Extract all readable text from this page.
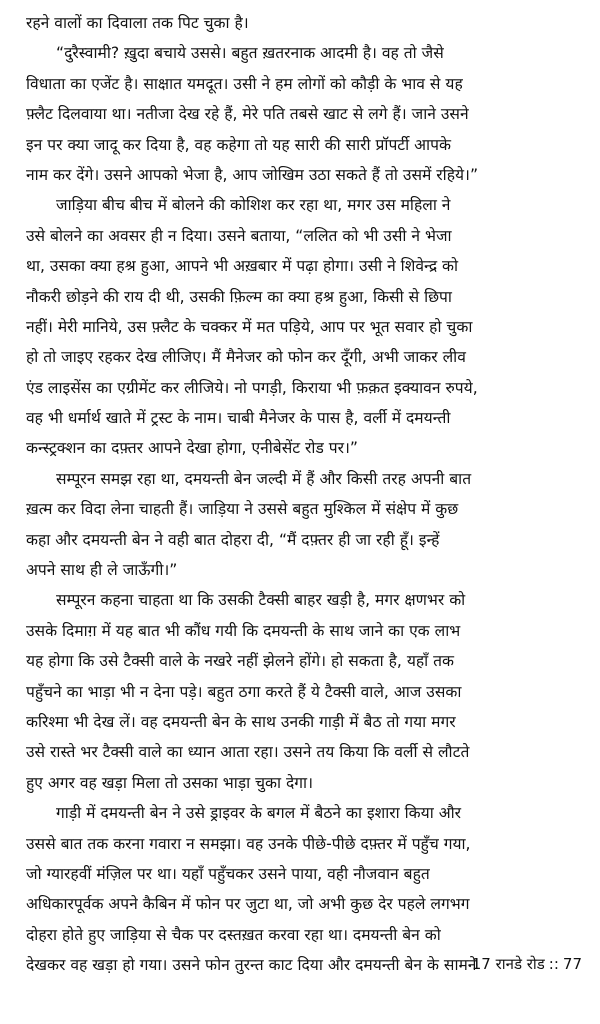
रहने वालों का दिवाला तक पिट चुका है।
“दुरैस्वामी? ख़ुदा बचाये उससे। बहुत ख़तरनाक आदमी है। वह तो जैसे
विधाता का एजेंट है। साक्षात यमदूत। उसी ने हम लोगों को कौड़ी के भाव से यह
फ़्लैट दिलवाया था। नतीजा देख रहे हैं, मेरे पति तबसे खाट से लगे हैं। जाने उसने
इन पर क्या जादू कर दिया है, वह कहेगा तो यह सारी की सारी प्रॉपर्टी आपके
नाम कर देंगे। उसने आपको भेजा है, आप जोखिम उठा सकते हैं तो उसमें रहिये।”
जाड़िया बीच बीच में बोलने की कोशिश कर रहा था, मगर उस महिला ने
उसे बोलने का अवसर ही न दिया। उसने बताया, “ललित को भी उसी ने भेजा
था, उसका क्या हश्र हुआ, आपने भी अख़बार में पढ़ा होगा। उसी ने शिवेन्द्र को
नौकरी छोड़ने की राय दी थी, उसकी फ़िल्म का क्या हश्र हुआ, किसी से छिपा
नहीं। मेरी मानिये, उस फ़्लैट के चक्कर में मत पड़िये, आप पर भूत सवार हो चुका
हो तो जाइए रहकर देख लीजिए। मैं मैनेजर को फोन कर दूँगी, अभी जाकर लीव
एंड लाइसेंस का एग्रीमेंट कर लीजिये। नो पगड़ी, किराया भी फ़क़त इक्यावन रुपये,
वह भी धर्मार्थ खाते में ट्रस्ट के नाम। चाबी मैनेजर के पास है, वर्ली में दमयन्ती
कन्स्ट्रक्शन का दफ़्तर आपने देखा होगा, एनीबेसेंट रोड पर।”
सम्पूरन समझ रहा था, दमयन्ती बेन जल्दी में हैं और किसी तरह अपनी बात
ख़त्म कर विदा लेना चाहती हैं। जाड़िया ने उससे बहुत मुश्किल में संक्षेप में कुछ
कहा और दमयन्ती बेन ने वही बात दोहरा दी, “मैं दफ़्तर ही जा रही हूँ। इन्हें
अपने साथ ही ले जाऊँगी।”
सम्पूरन कहना चाहता था कि उसकी टैक्सी बाहर खड़ी है, मगर क्षणभर को
उसके दिमाग़ में यह बात भी कौंध गयी कि दमयन्ती के साथ जाने का एक लाभ
यह होगा कि उसे टैक्सी वाले के नखरे नहीं झेलने होंगे। हो सकता है, यहाँ तक
पहुँचने का भाड़ा भी न देना पड़े। बहुत ठगा करते हैं ये टैक्सी वाले, आज उसका
करिश्मा भी देख लें। वह दमयन्ती बेन के साथ उनकी गाड़ी में बैठ तो गया मगर
उसे रास्ते भर टैक्सी वाले का ध्यान आता रहा। उसने तय किया कि वर्ली से लौटते
हुए अगर वह खड़ा मिला तो उसका भाड़ा चुका देगा।
गाड़ी में दमयन्ती बेन ने उसे ड्राइवर के बगल में बैठने का इशारा किया और
उससे बात तक करना गवारा न समझा। वह उनके पीछे-पीछे दफ़्तर में पहुँच गया,
जो ग्यारहवीं मंज़िल पर था। यहाँ पहुँचकर उसने पाया, वही नौजवान बहुत
अधिकारपूर्वक अपने कैबिन में फोन पर जुटा था, जो अभी कुछ देर पहले लगभग
दोहरा होते हुए जाड़िया से चैक पर दस्तख़त करवा रहा था। दमयन्ती बेन को
देखकर वह खड़ा हो गया। उसने फोन तुरन्त काट दिया और दमयन्ती बेन के सामने
17 रानडे रोड :: 77
